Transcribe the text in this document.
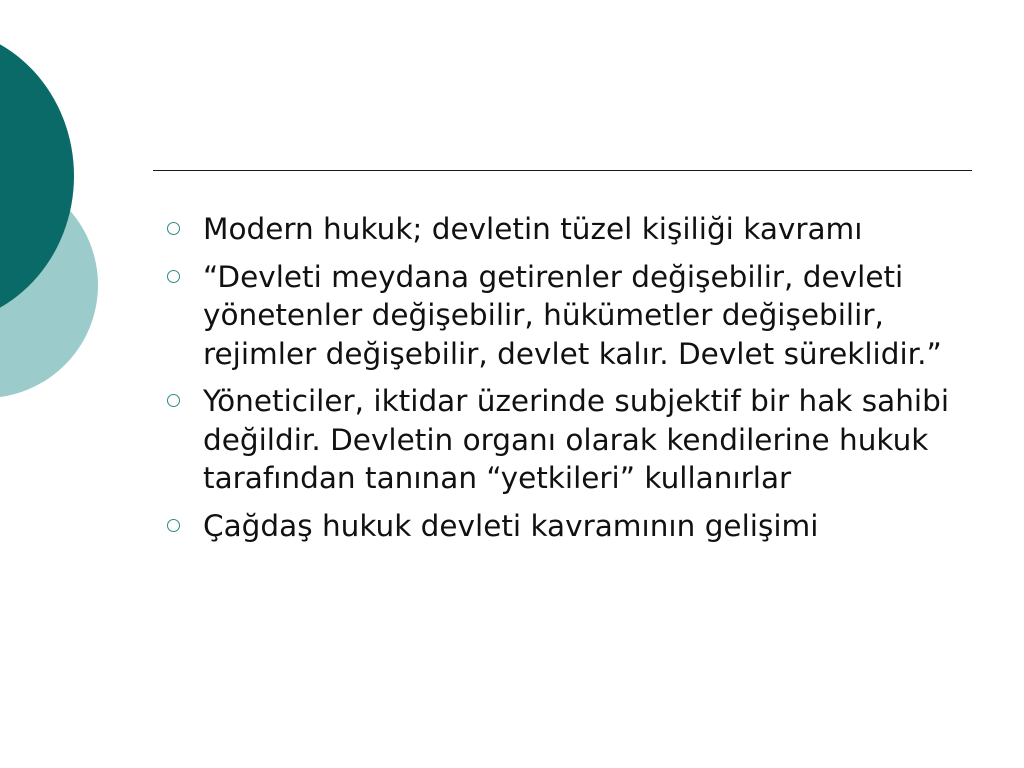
Modern hukuk; devletin tüzel kişiliği kavramı
“Devleti meydana getirenler değişebilir, devleti yönetenler değişebilir, hükümetler değişebilir, rejimler değişebilir, devlet kalır. Devlet süreklidir.”
Yöneticiler, iktidar üzerinde subjektif bir hak sahibi değildir. Devletin organı olarak kendilerine hukuk tarafından tanınan “yetkileri” kullanırlar
Çağdaş hukuk devleti kavramının gelişimi
